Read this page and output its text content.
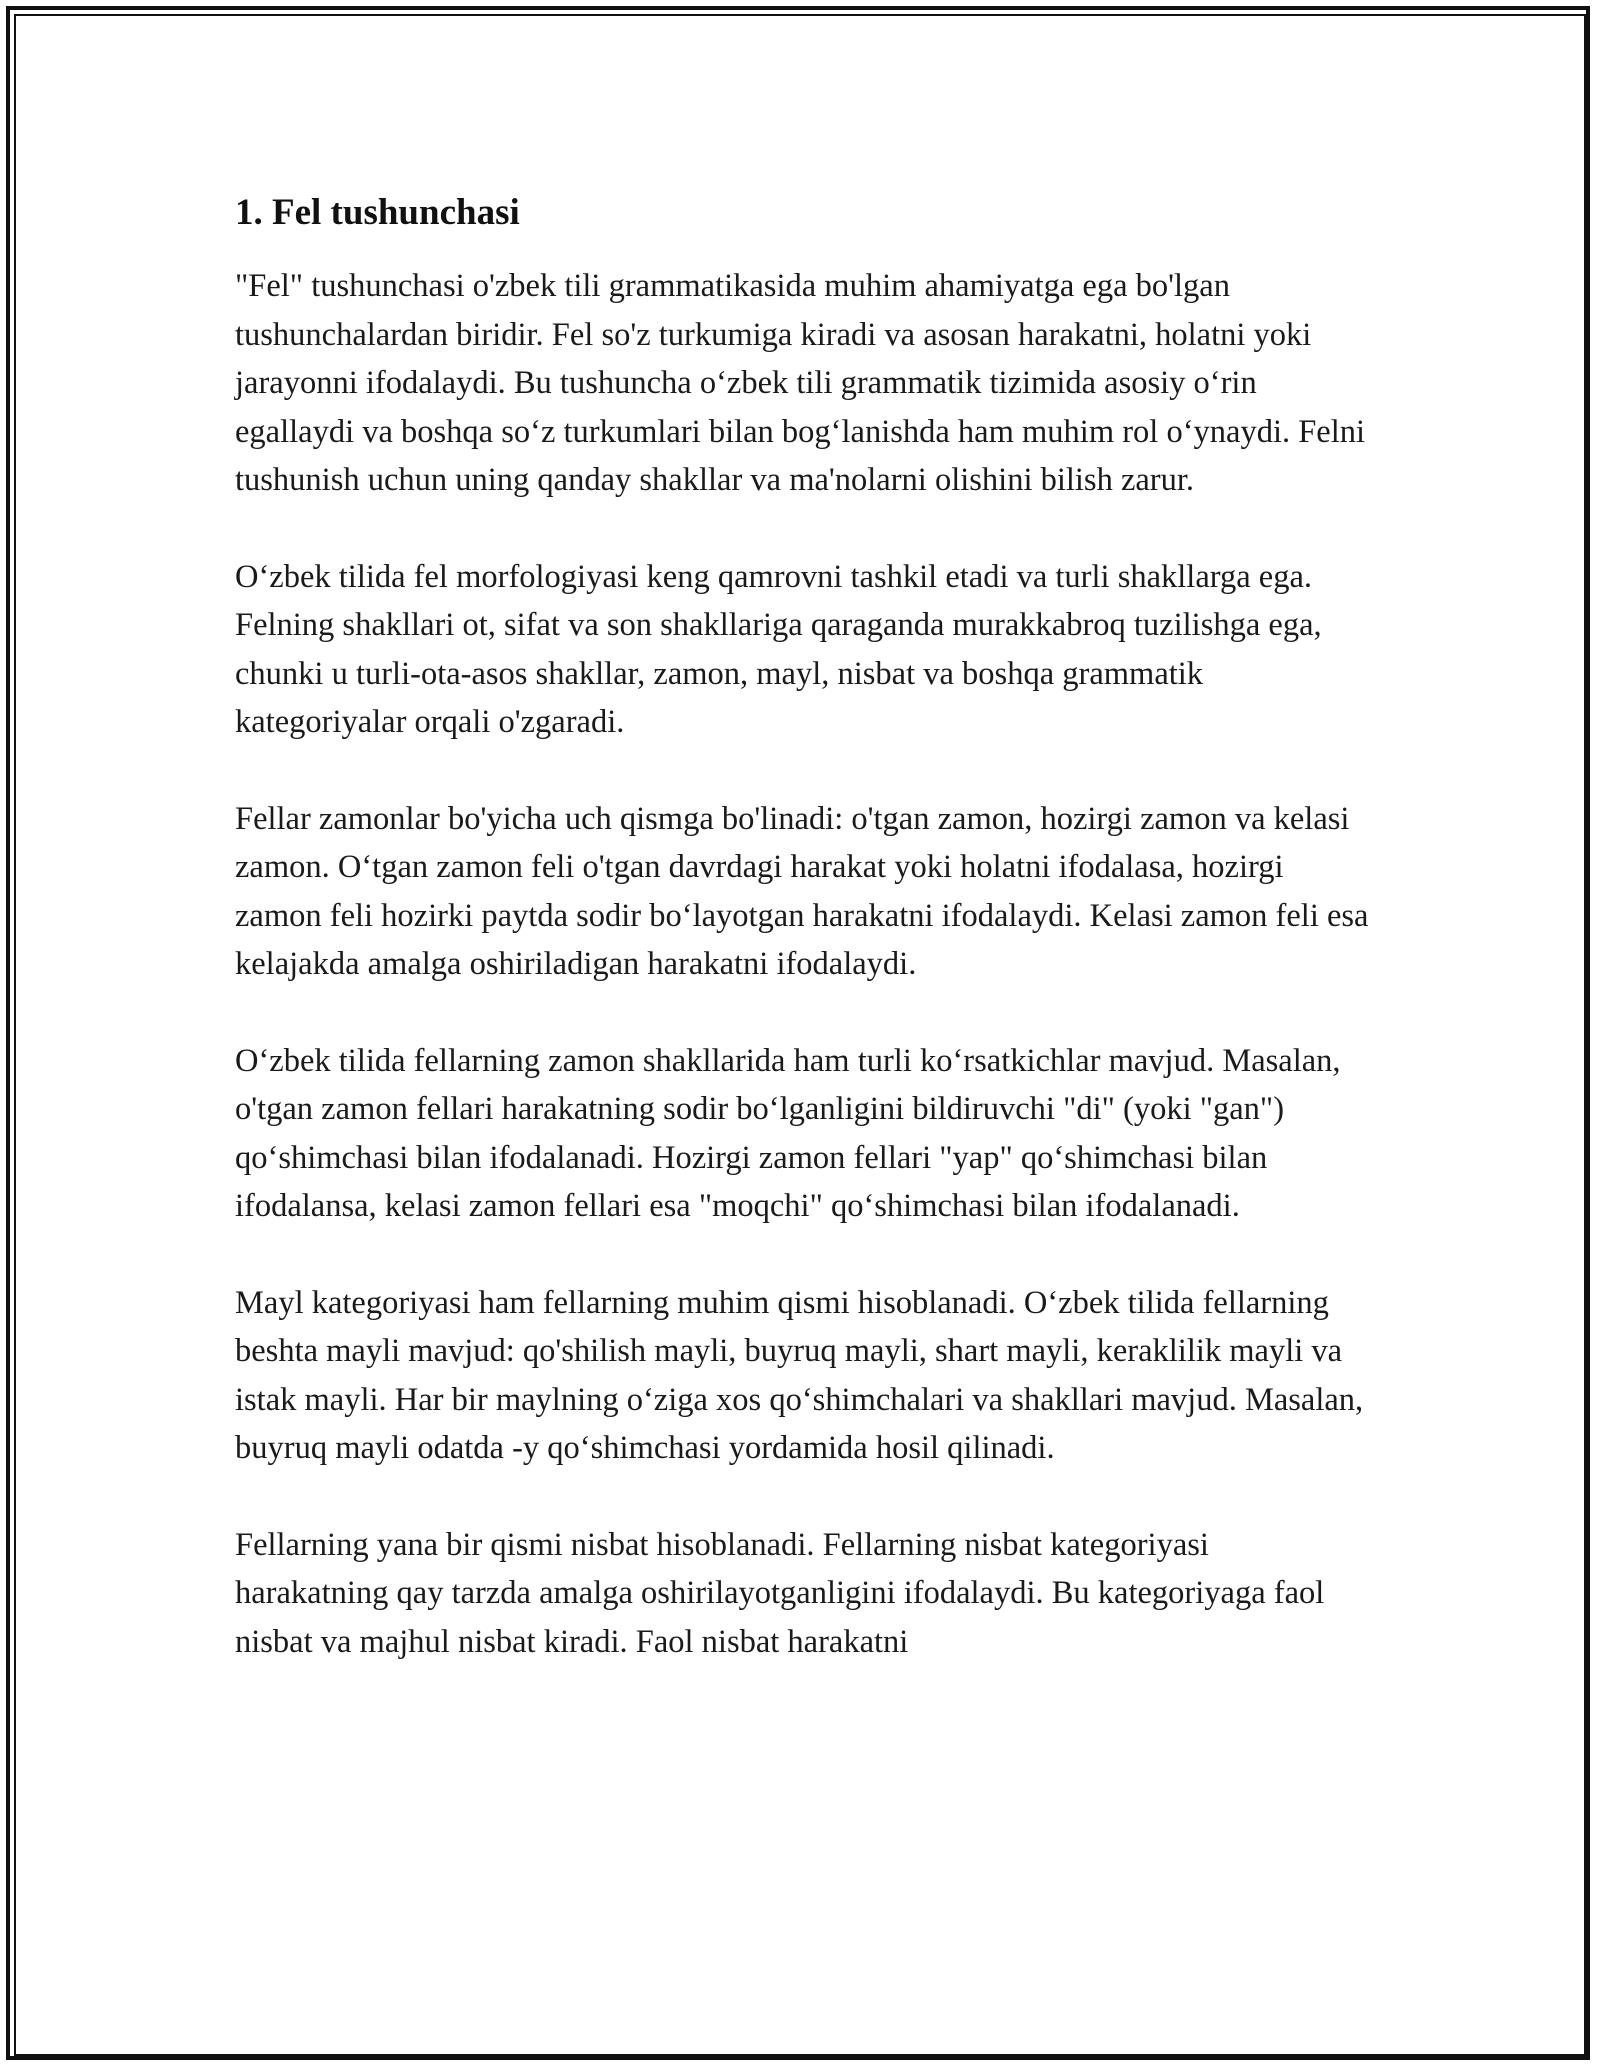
1. Fel tushunchasi

"Fel" tushunchasi o'zbek tili grammatikasida muhim ahamiyatga ega bo'lgan tushunchalardan biridir. Fel so'z turkumiga kiradi va asosan harakatni, holatni yoki jarayonni ifodalaydi. Bu tushuncha o‘zbek tili grammatik tizimida asosiy o‘rin egallaydi va boshqa so‘z turkumlari bilan bog‘lanishda ham muhim rol o‘ynaydi. Felni tushunish uchun uning qanday shakllar va ma'nolarni olishini bilish zarur.

O‘zbek tilida fel morfologiyasi keng qamrovni tashkil etadi va turli shakllarga ega. Felning shakllari ot, sifat va son shakllariga qaraganda murakkabroq tuzilishga ega, chunki u turli-ota-asos shakllar, zamon, mayl, nisbat va boshqa grammatik kategoriyalar orqali o'zgaradi.

Fellar zamonlar bo'yicha uch qismga bo'linadi: o'tgan zamon, hozirgi zamon va kelasi zamon. O‘tgan zamon feli o'tgan davrdagi harakat yoki holatni ifodalasa, hozirgi zamon feli hozirki paytda sodir bo‘layotgan harakatni ifodalaydi. Kelasi zamon feli esa kelajakda amalga oshiriladigan harakatni ifodalaydi.

O‘zbek tilida fellarning zamon shakllarida ham turli ko‘rsatkichlar mavjud. Masalan, o'tgan zamon fellari harakatning sodir bo‘lganligini bildiruvchi "di" (yoki "gan") qo‘shimchasi bilan ifodalanadi. Hozirgi zamon fellari "yap" qo‘shimchasi bilan ifodalansa, kelasi zamon fellari esa "moqchi" qo‘shimchasi bilan ifodalanadi.

Mayl kategoriyasi ham fellarning muhim qismi hisoblanadi. O‘zbek tilida fellarning beshta mayli mavjud: qo'shilish mayli, buyruq mayli, shart mayli, keraklilik mayli va istak mayli. Har bir maylning o‘ziga xos qo‘shimchalari va shakllari mavjud. Masalan, buyruq mayli odatda -y qo‘shimchasi yordamida hosil qilinadi.

Fellarning yana bir qismi nisbat hisoblanadi. Fellarning nisbat kategoriyasi harakatning qay tarzda amalga oshirilayotganligini ifodalaydi. Bu kategoriyaga faol nisbat va majhul nisbat kiradi. Faol nisbat harakatni
